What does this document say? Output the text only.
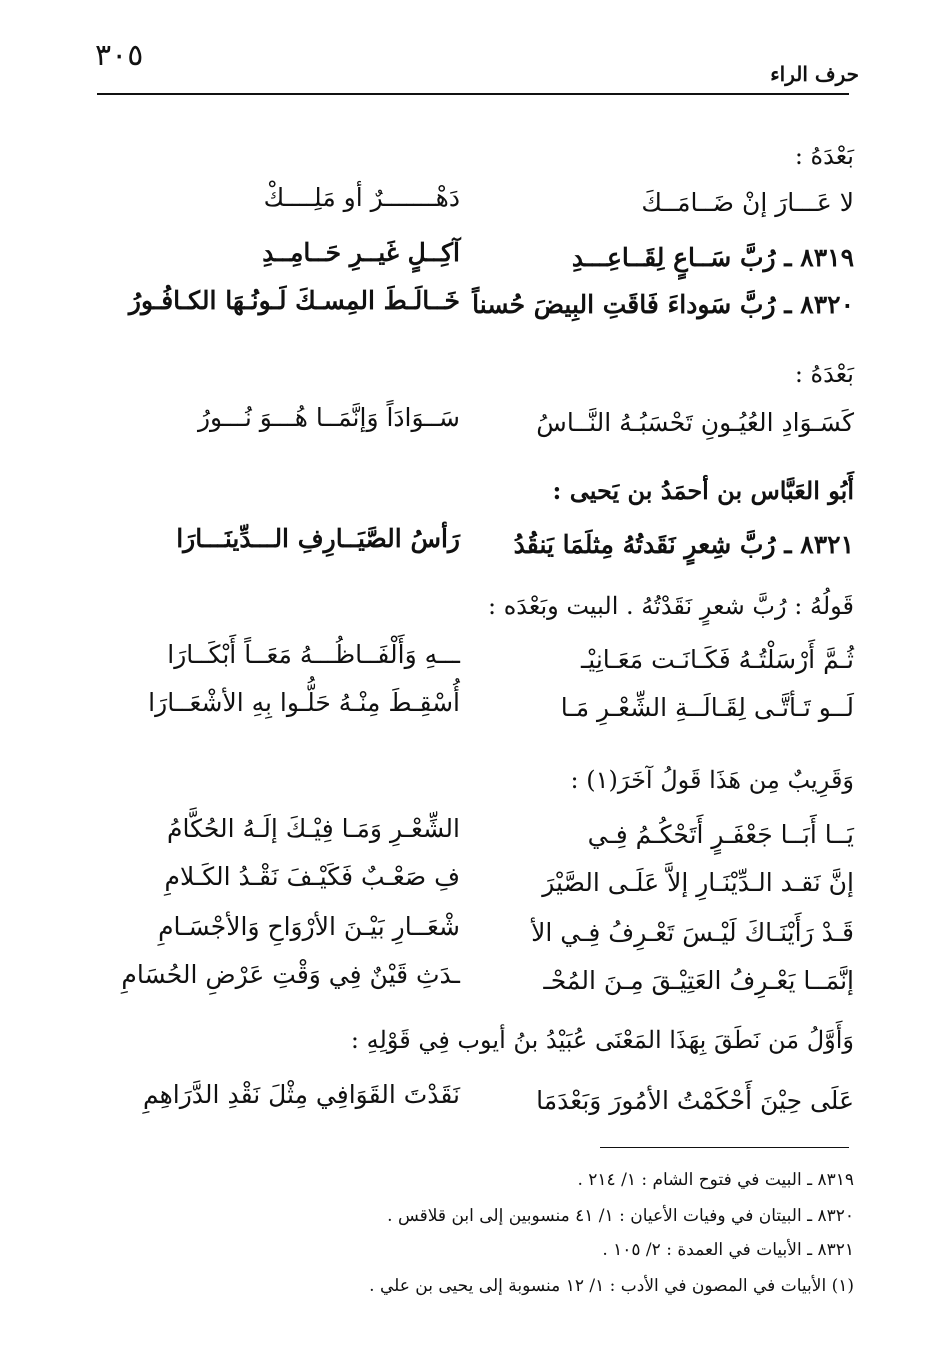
٣٠٥
حرف الراء
بَعْدَهُ :
لا عَـــارَ إنْ ضَــامَــكَ
دَهْـــــــرٌ أو مَلِــــكْ
٨٣١٩ ـ رُبَّ سَــاعٍ لِقَــاعِـــدِ
آكِــلٍ غَيــرِ حَــامِــدِ
٨٣٢٠ ـ رُبَّ سَوداءَ فَاقَتِ البِيضَ حُسناً
خَــالَـطَ المِسـكَ لَـونُـهَا الكـافُـورُ
بَعْدَهُ :
كَسَـوَادِ العُيُـونِ تَحْسَبُـهُ النَّــاسُ
سَــوَادَاً وَإنَّمَــا هُـــوَ نُـــورُ
أَبُو العَبَّاس بن أحمَدُ بن يَحيى :
٨٣٢١ ـ رُبَّ شِعرٍ نَقَدتُهُ مِثلَمَا يَنقُدُ
رَأسُ الصَّيَــارِفِ الـــدِّينَـــارَا
قَولُهُ : رُبَّ شعرٍ نَقَدْتُهُ . البيت وبَعْدَه :
ثُـمَّ أَرْسَلْتُـهُ فَكَـانَـت مَعَـانِيْـ
ـــهِ وَأَلْفَــاظُـــهُ مَعَــاً أَبْكَــارَا
لَــو تَـأتَّـى لِقَـالَــةِ الشِّعْـرِ مَـا
أُسْقِـطَ مِنْـهُ حَلُّـوا بِهِ الأشْعَــارَا
وَقَرِيبٌ مِن هَذَا قَولُ آخَرَ(١) :
يَــا أَبَــا جَعْفَـرٍ أَتَحْكُـمُ فِـي
الشِّعْـرِ وَمَـا فِيْـكَ إلَـهُ الحُكَّامُ
إنَّ نَقـد الـدِّيْنَـارِ إلاَّ عَلَـى الصَّيْرَ
فِ صَعْـبٌ فَكَيْـفَ نَقْـدُ الكَـلامِ
قَـدْ رَأَيْنَـاكَ لَيْـسَ تَعْـرِفُ فِـي الأ
شْعَــارِ بَيْـنَ الأرْوَاحِ وَالأجْسَـامِ
إنَّمَــا يَعْـرِفُ العَتِيْـقَ مِـنَ المُحْـ
ـدَثِ قَيْنٌ فِي وَقْتِ عَرْضِ الحُسَامِ
وَأَوَّلُ مَن نَطَقَ بِهَذَا المَعْنَى عُبَيْدُ بنُ أيوب فِي قَوْلِهِ :
عَلَى حِيْنَ أَحْكَمْتُ الأمُورَ وَبَعْدَمَا
نَقَدْتَ القَوَافِي مِثْلَ نَقْدِ الدَّرَاهِمِ
٨٣١٩ ـ البيت في فتوح الشام : ١/ ٢١٤ .
٨٣٢٠ ـ البيتان في وفيات الأعيان : ١/ ٤١ منسوبين إلى ابن قلاقس .
٨٣٢١ ـ الأبيات في العمدة : ٢/ ١٠٥ .
(١) الأبيات في المصون في الأدب : ١/ ١٢ منسوبة إلى يحيى بن علي .
